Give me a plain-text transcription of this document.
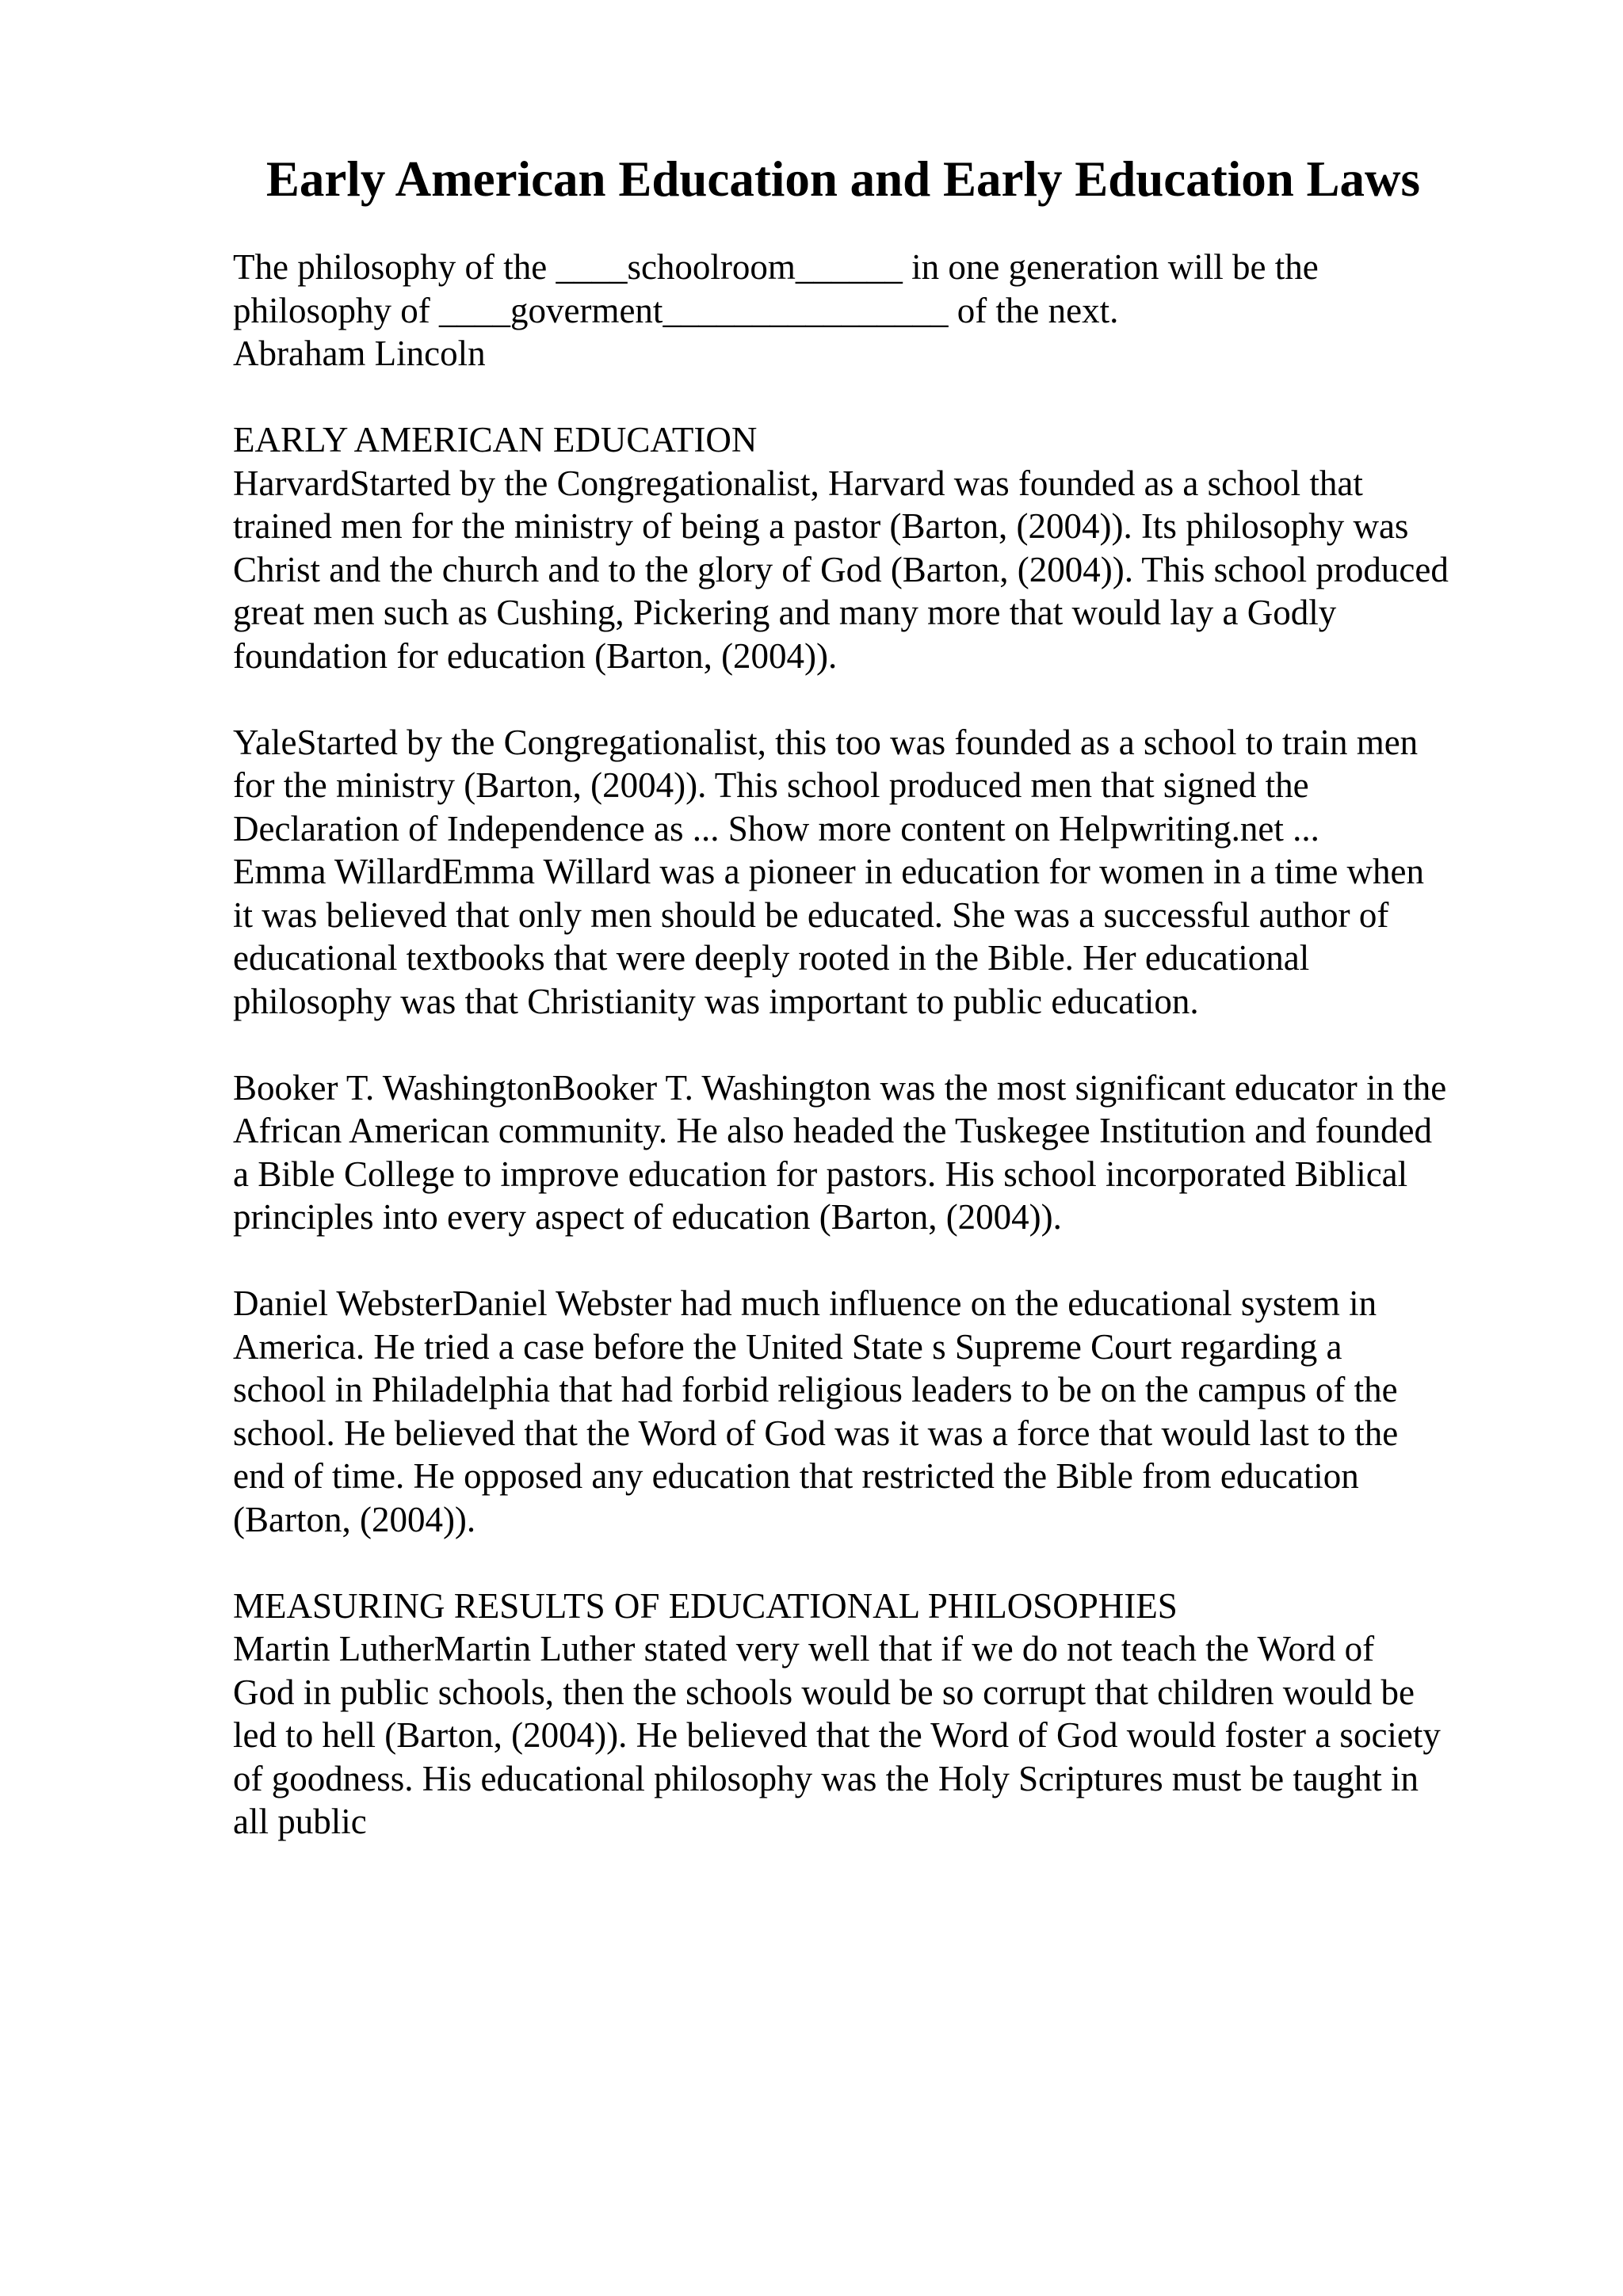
Early American Education and Early Education Laws
The philosophy of the ____schoolroom______ in one generation will be the
philosophy of ____goverment________________ of the next.
Abraham Lincoln
EARLY AMERICAN EDUCATION
HarvardStarted by the Congregationalist, Harvard was founded as a school that
trained men for the ministry of being a pastor (Barton, (2004)). Its philosophy was
Christ and the church and to the glory of God (Barton, (2004)). This school produced
great men such as Cushing, Pickering and many more that would lay a Godly
foundation for education (Barton, (2004)).
YaleStarted by the Congregationalist, this too was founded as a school to train men
for the ministry (Barton, (2004)). This school produced men that signed the
Declaration of Independence as ... Show more content on Helpwriting.net ...
Emma WillardEmma Willard was a pioneer in education for women in a time when
it was believed that only men should be educated. She was a successful author of
educational textbooks that were deeply rooted in the Bible. Her educational
philosophy was that Christianity was important to public education.
Booker T. WashingtonBooker T. Washington was the most significant educator in the
African American community. He also headed the Tuskegee Institution and founded
a Bible College to improve education for pastors. His school incorporated Biblical
principles into every aspect of education (Barton, (2004)).
Daniel WebsterDaniel Webster had much influence on the educational system in
America. He tried a case before the United State s Supreme Court regarding a
school in Philadelphia that had forbid religious leaders to be on the campus of the
school. He believed that the Word of God was it was a force that would last to the
end of time. He opposed any education that restricted the Bible from education
(Barton, (2004)).
MEASURING RESULTS OF EDUCATIONAL PHILOSOPHIES
Martin LutherMartin Luther stated very well that if we do not teach the Word of
God in public schools, then the schools would be so corrupt that children would be
led to hell (Barton, (2004)). He believed that the Word of God would foster a society
of goodness. His educational philosophy was the Holy Scriptures must be taught in
all public
